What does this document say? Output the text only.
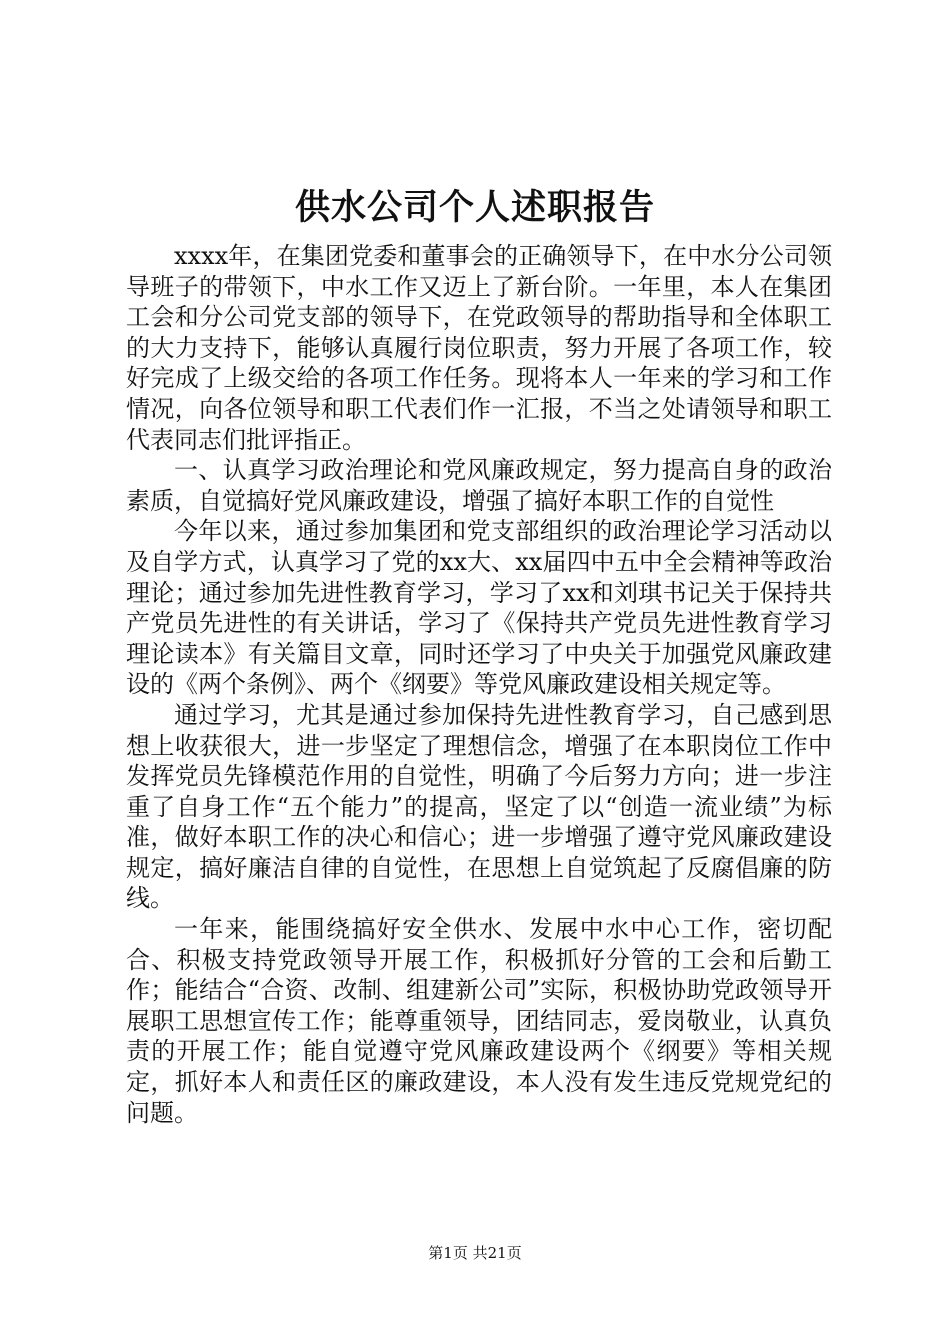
供水公司个人述职报告

xxxx年，在集团党委和董事会的正确领导下，在中水分公司领导班子的带领下，中水工作又迈上了新台阶。一年里，本人在集团工会和分公司党支部的领导下，在党政领导的帮助指导和全体职工的大力支持下，能够认真履行岗位职责，努力开展了各项工作，较好完成了上级交给的各项工作任务。现将本人一年来的学习和工作情况，向各位领导和职工代表们作一汇报，不当之处请领导和职工代表同志们批评指正。

一、认真学习政治理论和党风廉政规定，努力提高自身的政治素质，自觉搞好党风廉政建设，增强了搞好本职工作的自觉性

今年以来，通过参加集团和党支部组织的政治理论学习活动以及自学方式，认真学习了党的xx大、xx届四中五中全会精神等政治理论；通过参加先进性教育学习，学习了xx和刘琪书记关于保持共产党员先进性的有关讲话，学习了《保持共产党员先进性教育学习理论读本》有关篇目文章，同时还学习了中央关于加强党风廉政建设的《两个条例》、两个《纲要》等党风廉政建设相关规定等。

通过学习，尤其是通过参加保持先进性教育学习，自己感到思想上收获很大，进一步坚定了理想信念，增强了在本职岗位工作中发挥党员先锋模范作用的自觉性，明确了今后努力方向；进一步注重了自身工作“五个能力”的提高，坚定了以“创造一流业绩”为标准，做好本职工作的决心和信心；进一步增强了遵守党风廉政建设规定，搞好廉洁自律的自觉性，在思想上自觉筑起了反腐倡廉的防线。

一年来，能围绕搞好安全供水、发展中水中心工作，密切配合、积极支持党政领导开展工作，积极抓好分管的工会和后勤工作；能结合“合资、改制、组建新公司”实际，积极协助党政领导开展职工思想宣传工作；能尊重领导，团结同志，爱岗敬业，认真负责的开展工作；能自觉遵守党风廉政建设两个《纲要》等相关规定，抓好本人和责任区的廉政建设，本人没有发生违反党规党纪的问题。

第1页 共21页
